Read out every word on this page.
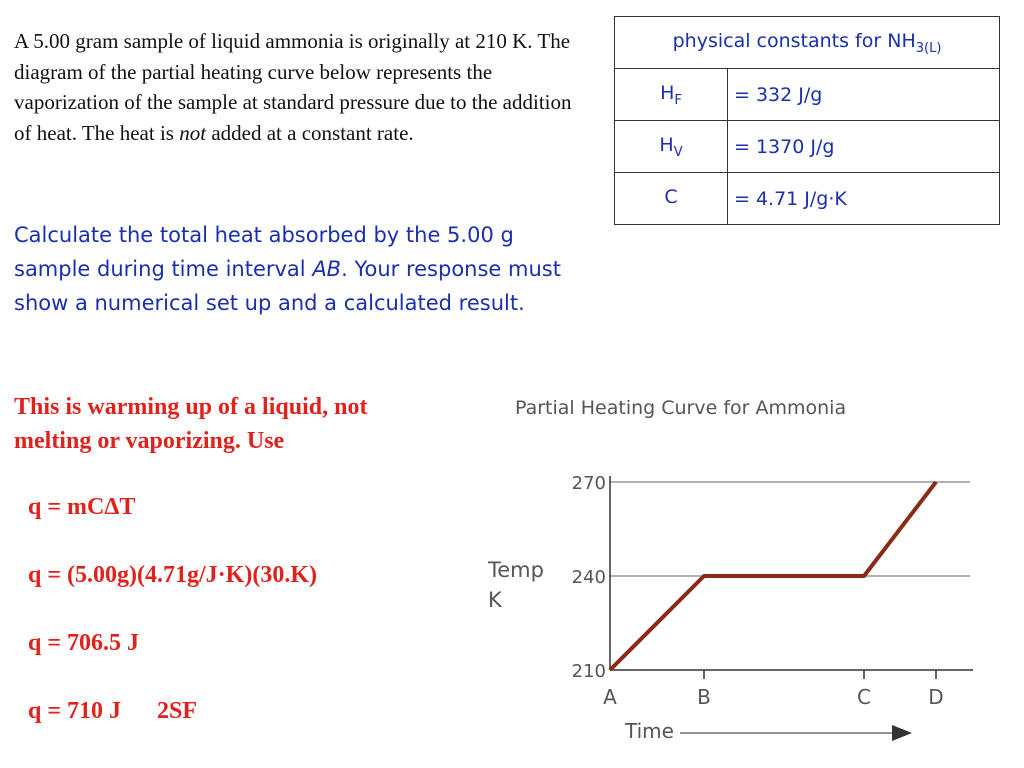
A 5.00 gram sample of liquid ammonia is originally at 210 K. The diagram of the partial heating curve below represents the vaporization of the sample at standard pressure due to the addition of heat. The heat is not added at a constant rate.

Calculate the total heat absorbed by the 5.00 g sample during time interval AB. Your response must show a numerical set up and a calculated result.

This is warming up of a liquid, not melting or vaporizing. Use

q = mCΔT
q = (5.00g)(4.71g/J·K)(30.K)
q = 706.5 J
q = 710 J      2SF
physical constants for $NH_{3(L)}$
$H_F$	= 332 J/g
$H_V$	= 1370 J/g
C	= 4.71 J/g·K
Partial Heating Curve for Ammonia
210
240
270
A	B	C	D
Temp
K
Time
